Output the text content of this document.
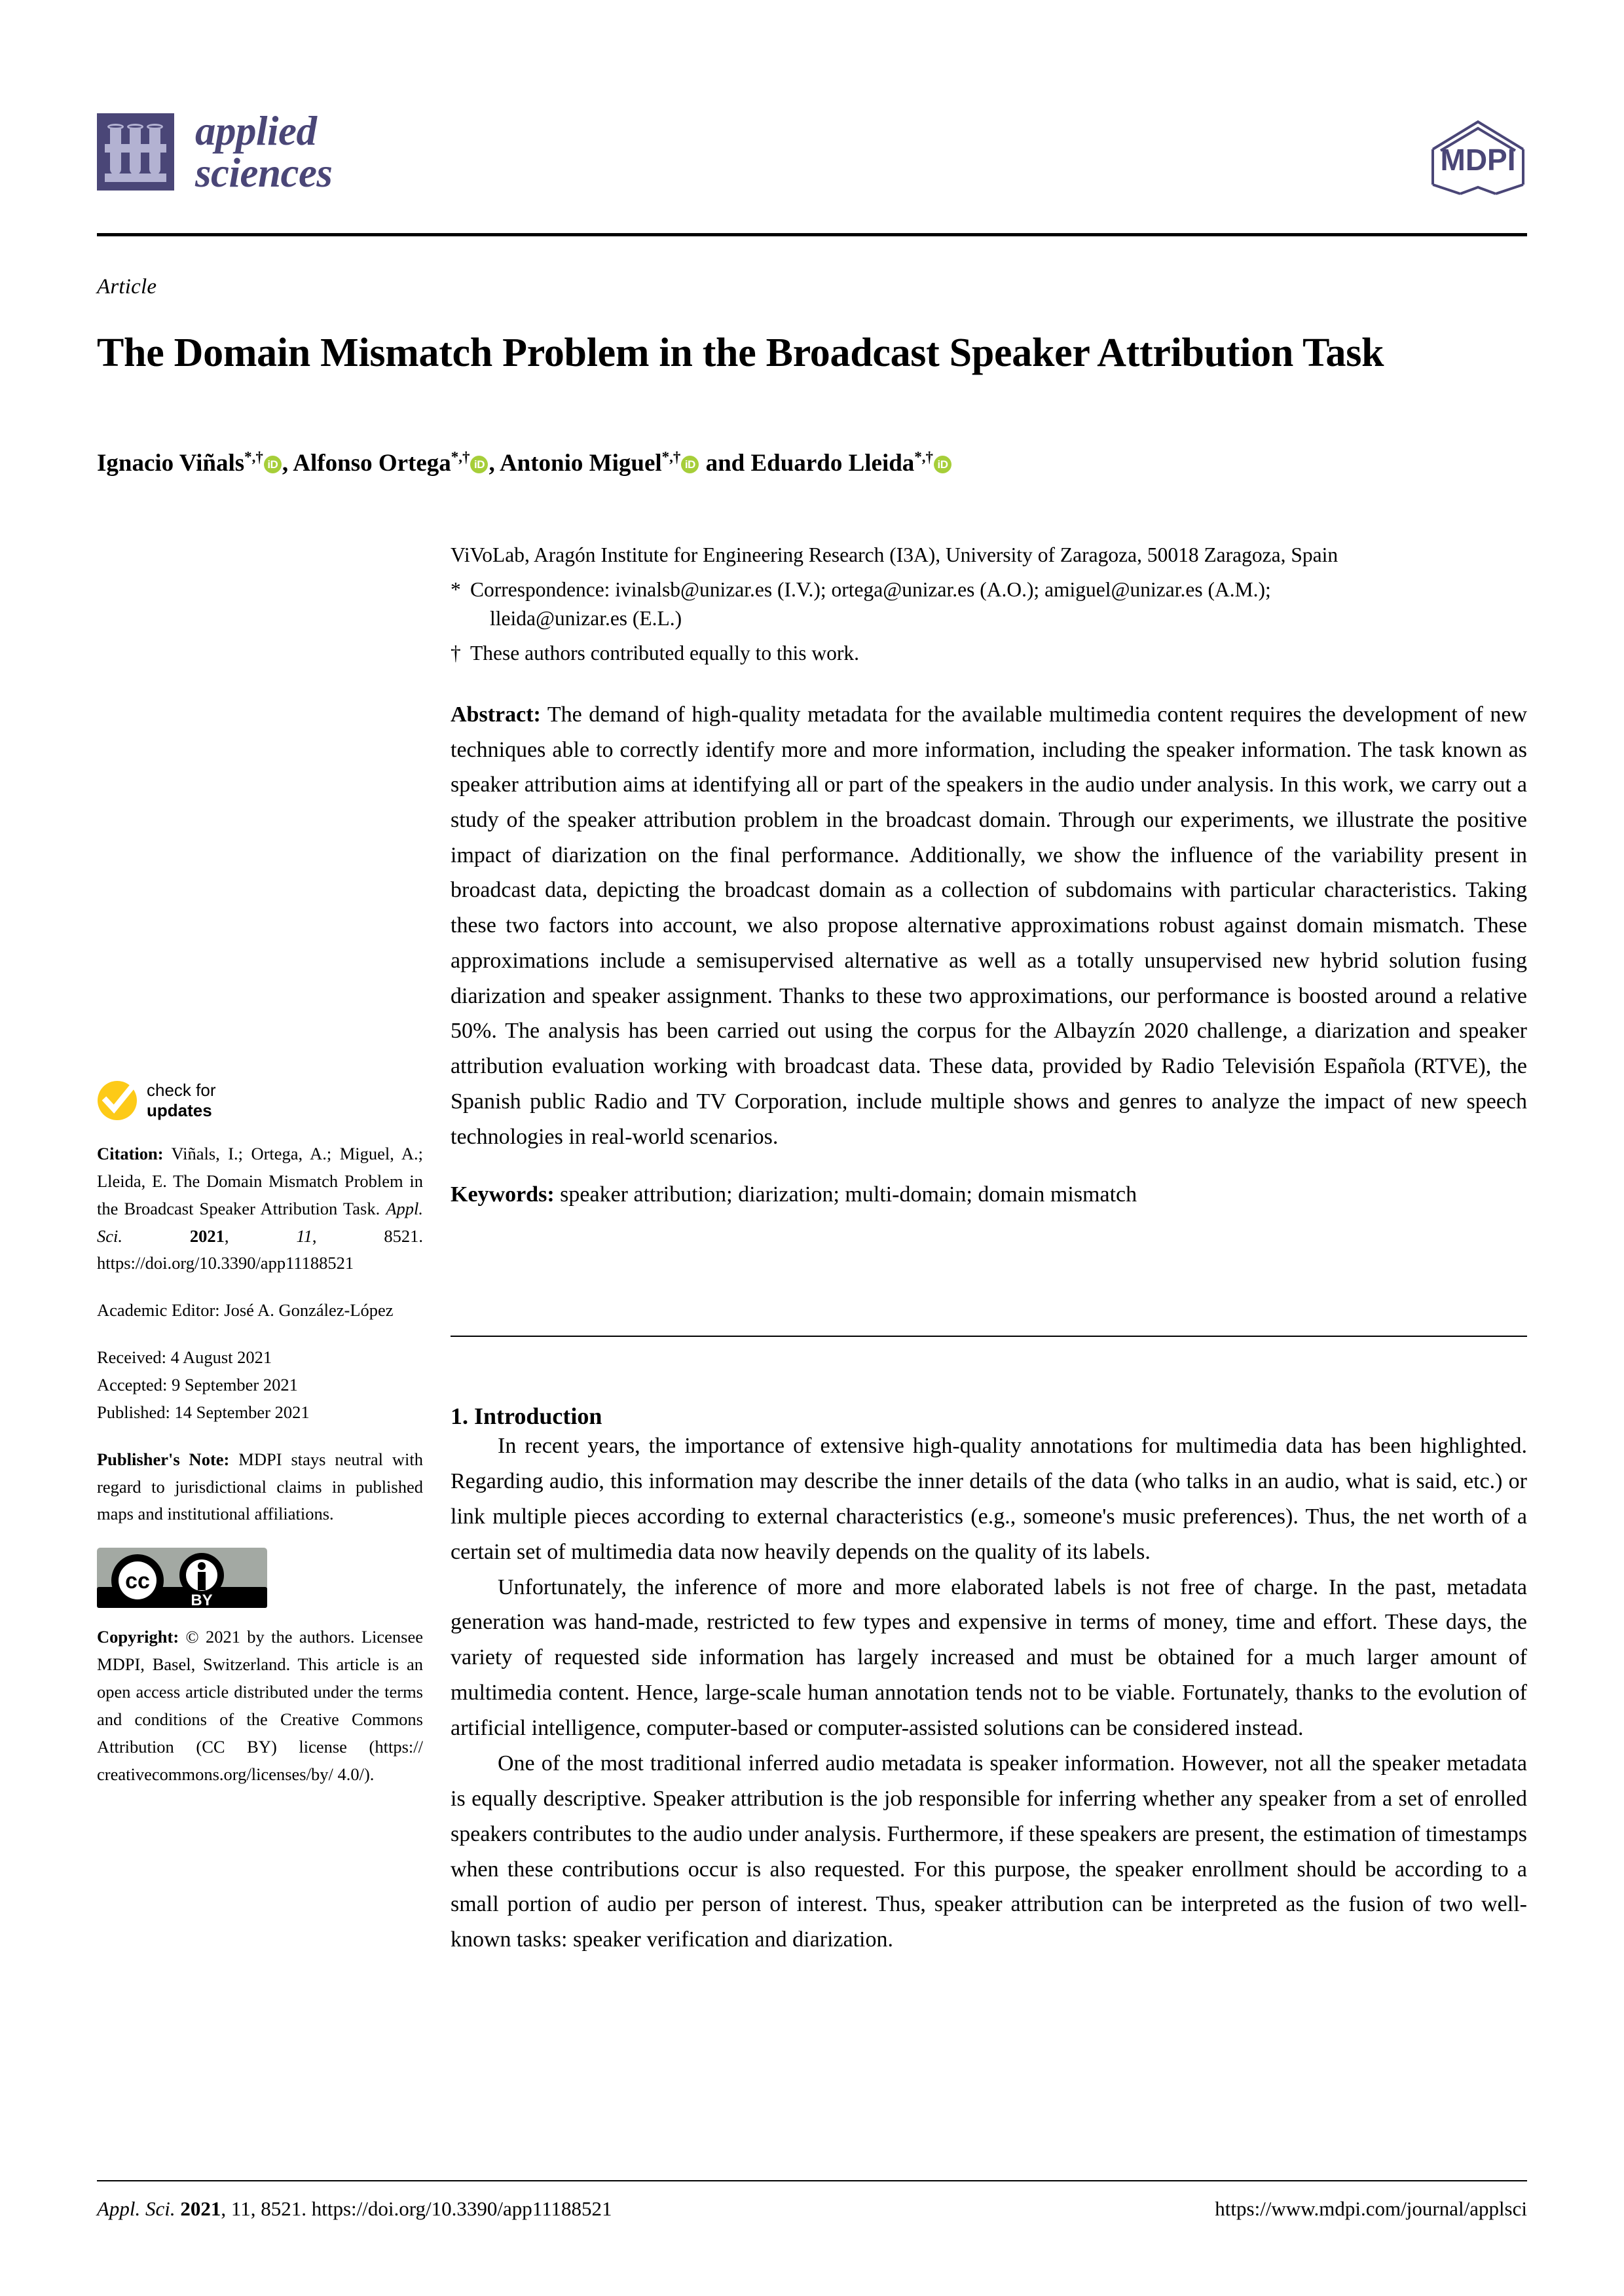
applied
sciences	MDPI
Article
The Domain Mismatch Problem in the Broadcast Speaker Attribution Task
Ignacio Viñals*,† iD , Alfonso Ortega*,† iD , Antonio Miguel*,† iD and Eduardo Lleida*,† iD
ViVoLab, Aragón Institute for Engineering Research (I3A), University of Zaragoza, 50018 Zaragoza, Spain
* Correspondence: ivinalsb@unizar.es (I.V.); ortega@unizar.es (A.O.); amiguel@unizar.es (A.M.);
lleida@unizar.es (E.L.)
† These authors contributed equally to this work.
Abstract: The demand of high-quality metadata for the available multimedia content requires the development of new techniques able to correctly identify more and more information, including the speaker information. The task known as speaker attribution aims at identifying all or part of the speakers in the audio under analysis. In this work, we carry out a study of the speaker attribution problem in the broadcast domain. Through our experiments, we illustrate the positive impact of diarization on the final performance. Additionally, we show the influence of the variability present in broadcast data, depicting the broadcast domain as a collection of subdomains with particular characteristics. Taking these two factors into account, we also propose alternative approximations robust against domain mismatch. These approximations include a semisupervised alternative as well as a totally unsupervised new hybrid solution fusing diarization and speaker assignment. Thanks to these two approximations, our performance is boosted around a relative 50%. The analysis has been carried out using the corpus for the Albayzín 2020 challenge, a diarization and speaker attribution evaluation working with broadcast data. These data, provided by Radio Televisión Española (RTVE), the Spanish public Radio and TV Corporation, include multiple shows and genres to analyze the impact of new speech technologies in real-world scenarios.
Keywords: speaker attribution; diarization; multi-domain; domain mismatch
1. Introduction

In recent years, the importance of extensive high-quality annotations for multimedia data has been highlighted. Regarding audio, this information may describe the inner details of the data (who talks in an audio, what is said, etc.) or link multiple pieces according to external characteristics (e.g., someone's music preferences). Thus, the net worth of a certain set of multimedia data now heavily depends on the quality of its labels.

Unfortunately, the inference of more and more elaborated labels is not free of charge. In the past, metadata generation was hand-made, restricted to few types and expensive in terms of money, time and effort. These days, the variety of requested side information has largely increased and must be obtained for a much larger amount of multimedia content. Hence, large-scale human annotation tends not to be viable. Fortunately, thanks to the evolution of artificial intelligence, computer-based or computer-assisted solutions can be considered instead.

One of the most traditional inferred audio metadata is speaker information. However, not all the speaker metadata is equally descriptive. Speaker attribution is the job responsible for inferring whether any speaker from a set of enrolled speakers contributes to the audio under analysis. Furthermore, if these speakers are present, the estimation of timestamps when these contributions occur is also requested. For this purpose, the speaker enrollment should be according to a small portion of audio per person of interest. Thus, speaker attribution can be interpreted as the fusion of two well-known tasks: speaker verification and diarization.

check for
updates
Citation: Viñals, I.; Ortega, A.; Miguel, A.; Lleida, E. The Domain Mismatch Problem in the Broadcast Speaker Attribution Task. Appl. Sci.	2021, 11, 8521. https://doi.org/10.3390/app11188521
Academic Editor: José A. González-López
Received: 4 August 2021
Accepted: 9 September 2021
Published: 14 September 2021
Publisher's Note: MDPI stays neutral with regard to jurisdictional claims in published maps and institutional affiliations.
cc
BY
Copyright: © 2021 by the authors. Licensee MDPI, Basel, Switzerland. This article is an open access article distributed under the terms and conditions of the Creative Commons Attribution (CC BY) license (https:// creativecommons.org/licenses/by/ 4.0/).
Appl. Sci. 2021, 11, 8521. https://doi.org/10.3390/app11188521	https://www.mdpi.com/journal/applsci
